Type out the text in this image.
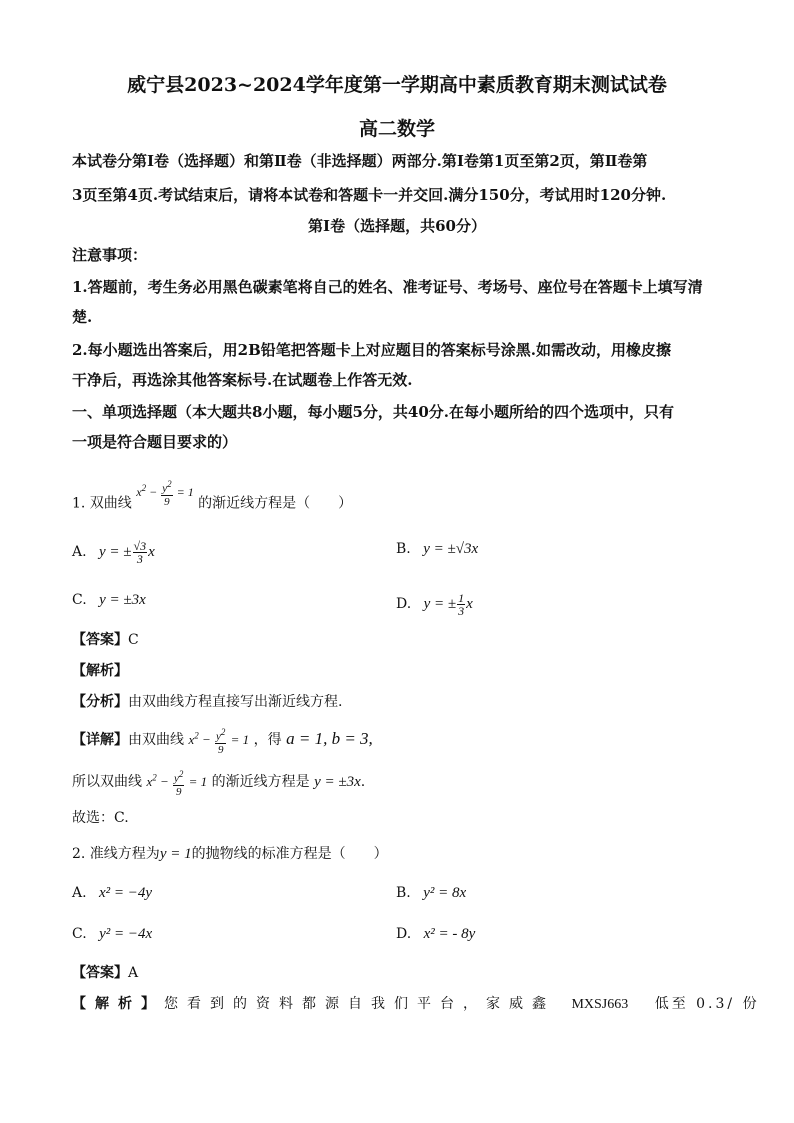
威宁县2023~2024学年度第一学期高中素质教育期末测试试卷
高二数学
本试卷分第Ⅰ卷（选择题）和第Ⅱ卷（非选择题）两部分.第Ⅰ卷第1页至第2页，第Ⅱ卷第
3页至第4页.考试结束后，请将本试卷和答题卡一并交回.满分150分，考试用时120分钟.
第Ⅰ卷（选择题，共60分）
注意事项：
1.答题前，考生务必用黑色碳素笔将自己的姓名、准考证号、考场号、座位号在答题卡上填写清
楚.
2.每小题选出答案后，用2B铅笔把答题卡上对应题目的答案标号涂黑.如需改动，用橡皮擦
干净后，再选涂其他答案标号.在试题卷上作答无效.
一、单项选择题（本大题共8小题，每小题5分，共40分.在每小题所给的四个选项中，只有
一项是符合题目要求的）
1. 双曲线 $x^2 - \frac{y^2}{9} = 1$ 的渐近线方程是（　　）
A. y = ± $\frac{√3}{3}$ x	B. y = ±√3x
C. y = ±3x	D. y = ± $\frac{1}{3}$ x
【答案】C
【解析】
【分析】由双曲线方程直接写出渐近线方程.
【详解】由双曲线 $x^2 - \frac{y^2}{9} = 1$ ，得 a = 1, b = 3,
所以双曲线 $x^2 - \frac{y^2}{9} = 1$ 的渐近线方程是 y = ±3x.
故选：C.
2. 准线方程为y = 1的抛物线的标准方程是（　　）
A. x² = −4y	B. y² = 8x
C. y² = −4x	D. x² = - 8y
【答案】A
【解析】您看到的资料都源自我们平台，家威鑫 MXSJ663 低至 0.3/ 份
